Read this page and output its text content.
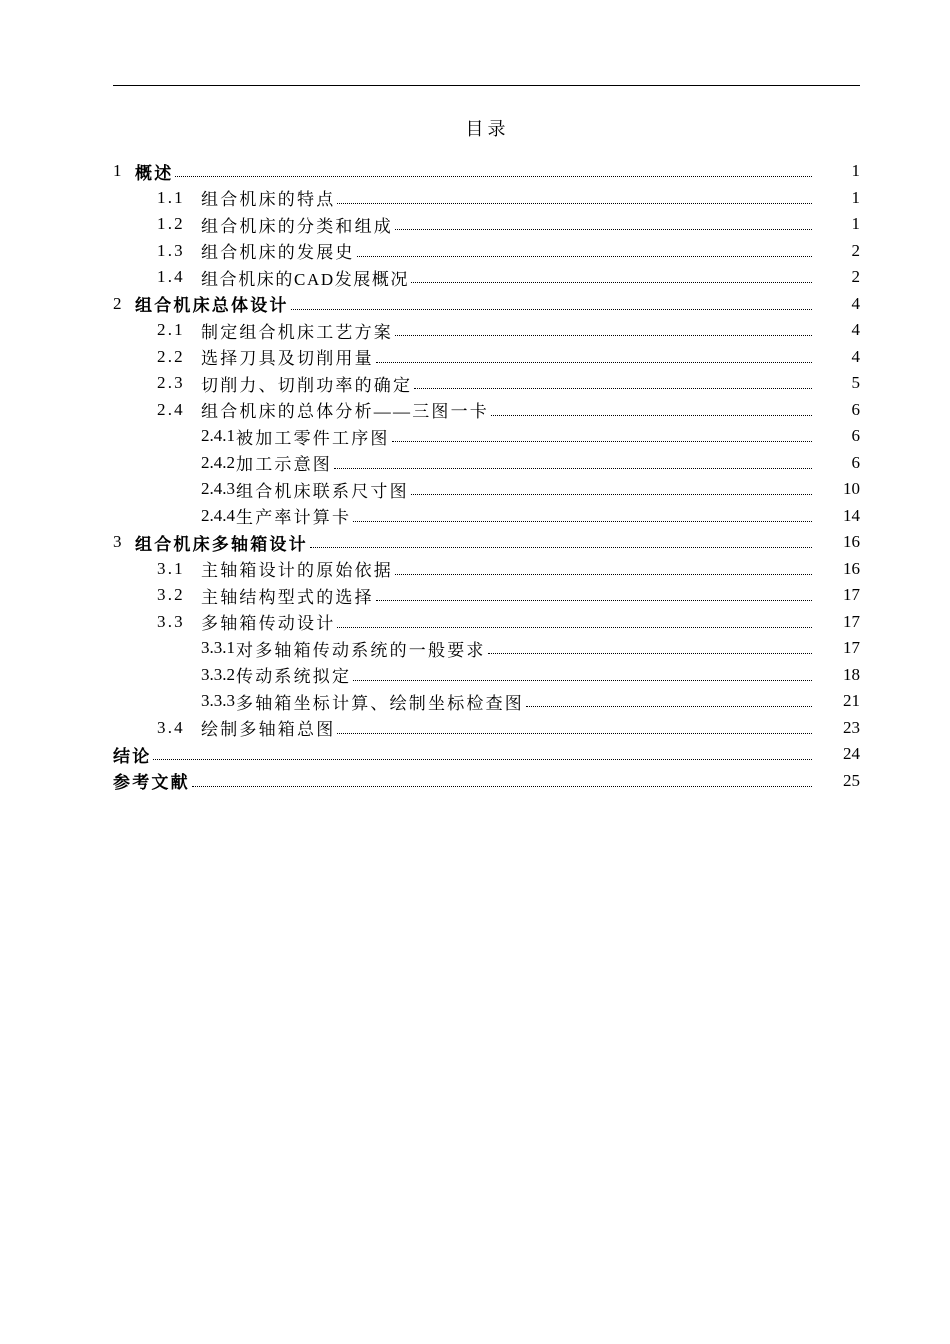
目录
1 概述	1
1.1 组合机床的特点	1
1.2 组合机床的分类和组成	1
1.3 组合机床的发展史	2
1.4 组合机床的CAD发展概况	2
2 组合机床总体设计	4
2.1 制定组合机床工艺方案	4
2.2 选择刀具及切削用量	4
2.3 切削力、切削功率的确定	5
2.4 组合机床的总体分析——三图一卡	6
2.4.1 被加工零件工序图	6
2.4.2 加工示意图	6
2.4.3 组合机床联系尺寸图	10
2.4.4 生产率计算卡	14
3 组合机床多轴箱设计	16
3.1 主轴箱设计的原始依据	16
3.2 主轴结构型式的选择	17
3.3 多轴箱传动设计	17
3.3.1 对多轴箱传动系统的一般要求	17
3.3.2 传动系统拟定	18
3.3.3 多轴箱坐标计算、绘制坐标检查图	21
3.4 绘制多轴箱总图	23
结论	24
参考文献	25
